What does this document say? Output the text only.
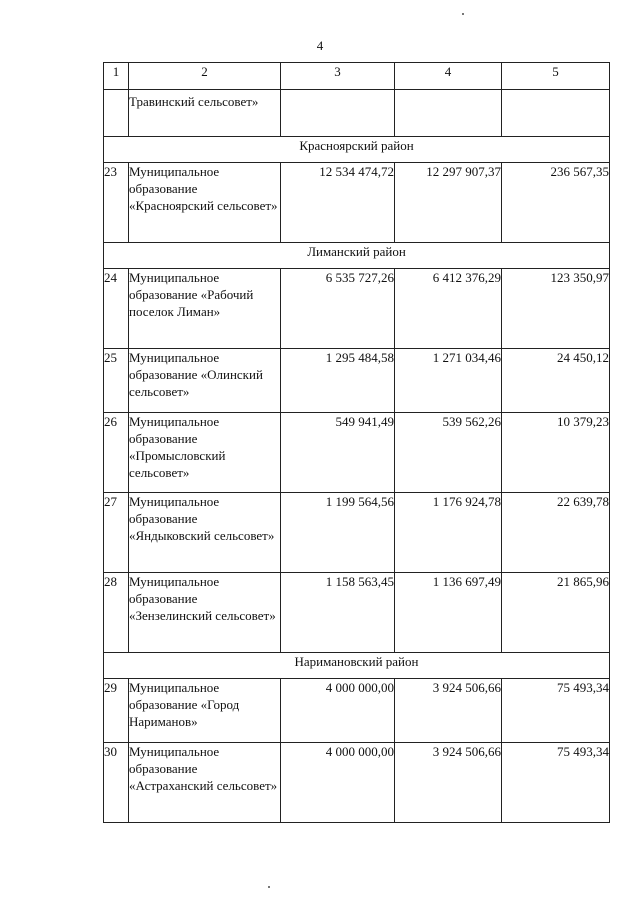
4
1	2	3	4	5
	Травинский сельсовет»			
Красноярский район				
23	Муниципальное образование «Красноярский сельсовет»	12 534 474,72	12 297 907,37	236 567,35
Лиманский район				
24	Муниципальное образование «Рабочий поселок Лиман»	6 535 727,26	6 412 376,29	123 350,97
25	Муниципальное образование «Олинский сельсовет»	1 295 484,58	1 271 034,46	24 450,12
26	Муниципальное образование «Промысловский сельсовет»	549 941,49	539 562,26	10 379,23
27	Муниципальное образование «Яндыковский сельсовет»	1 199 564,56	1 176 924,78	22 639,78
28	Муниципальное образование «Зензелинский сельсовет»	1 158 563,45	1 136 697,49	21 865,96
Наримановский район				
29	Муниципальное образование «Город Нариманов»	4 000 000,00	3 924 506,66	75 493,34
30	Муниципальное образование «Астраханский сельсовет»	4 000 000,00	3 924 506,66	75 493,34
